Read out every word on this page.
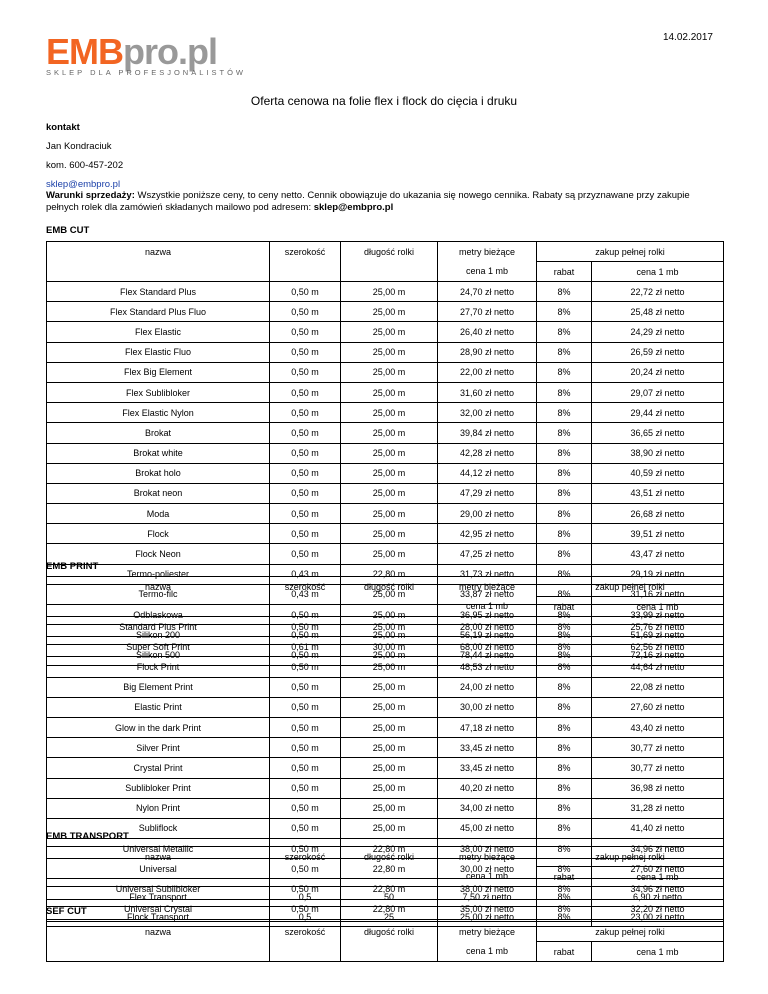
14.02.2017
EMBpro.pl
SKLEP DLA PROFESJONALISTÓW
Oferta cenowa na folie flex i flock do cięcia i druku
kontakt
Jan Kondraciuk
kom. 600-457-202
sklep@embpro.pl
Warunki sprzedaży: Wszystkie poniższe ceny, to ceny netto. Cennik obowiązuje do ukazania się nowego cennika. Rabaty są przyznawane przy zakupie pełnych rolek dla zamówień składanych mailowo pod adresem: sklep@embpro.pl
EMB CUT
nazwa	szerokość	długość rolki	metry bieżące	zakup pełnej rolki	
			cena 1 mb	rabat	cena 1 mb
Flex Standard Plus	0,50 m	25,00 m	24,70 zł netto	8%	22,72 zł netto
Flex Standard Plus Fluo	0,50 m	25,00 m	27,70 zł netto	8%	25,48 zł netto
Flex Elastic	0,50 m	25,00 m	26,40 zł netto	8%	24,29 zł netto
Flex Elastic Fluo	0,50 m	25,00 m	28,90 zł netto	8%	26,59 zł netto
Flex Big Element	0,50 m	25,00 m	22,00 zł netto	8%	20,24 zł netto
Flex Sublibloker	0,50 m	25,00 m	31,60 zł netto	8%	29,07 zł netto
Flex Elastic Nylon	0,50 m	25,00 m	32,00 zł netto	8%	29,44 zł netto
Brokat	0,50 m	25,00 m	39,84 zł netto	8%	36,65 zł netto
Brokat white	0,50 m	25,00 m	42,28 zł netto	8%	38,90 zł netto
Brokat holo	0,50 m	25,00 m	44,12 zł netto	8%	40,59 zł netto
Brokat neon	0,50 m	25,00 m	47,29 zł netto	8%	43,51 zł netto
Moda	0,50 m	25,00 m	29,00 zł netto	8%	26,68 zł netto
Flock	0,50 m	25,00 m	42,95 zł netto	8%	39,51 zł netto
Flock Neon	0,50 m	25,00 m	47,25 zł netto	8%	43,47 zł netto
Termo-poliester	0,43 m	22,80 m	31,73 zł netto	8%	29,19 zł netto
Termo-filc	0,43 m	25,00 m	33,87 zł netto	8%	31,16 zł netto
Odblaskowa	0,50 m	25,00 m	36,95 zł netto	8%	33,99 zł netto
Silikon 200	0,50 m	25,00 m	56,19 zł netto	8%	51,69 zł netto
Silikon 500	0,50 m	25,00 m	78,44 zł netto	8%	72,16 zł netto
EMB PRINT
nazwa	szerokość	długość rolki	metry bieżące	zakup pełnej rolki	
			cena 1 mb	rabat	cena 1 mb
Standard Plus Print	0,50 m	25,00 m	28,00 zł netto	8%	25,76 zł netto
Super Soft Print	0,61 m	30,00 m	68,00 zł netto	8%	62,56 zł netto
Flock Print	0,50 m	25,00 m	48,53 zł netto	8%	44,64 zł netto
Big Element Print	0,50 m	25,00 m	24,00 zł netto	8%	22,08 zł netto
Elastic Print	0,50 m	25,00 m	30,00 zł netto	8%	27,60 zł netto
Glow in the dark Print	0,50 m	25,00 m	47,18 zł netto	8%	43,40 zł netto
Silver Print	0,50 m	25,00 m	33,45 zł netto	8%	30,77 zł netto
Crystal Print	0,50 m	25,00 m	33,45 zł netto	8%	30,77 zł netto
Sublibloker Print	0,50 m	25,00 m	40,20 zł netto	8%	36,98 zł netto
Nylon Print	0,50 m	25,00 m	34,00 zł netto	8%	31,28 zł netto
Subliflock	0,50 m	25,00 m	45,00 zł netto	8%	41,40 zł netto
Universal Metallic	0,50 m	22,80 m	38,00 zł netto	8%	34,96 zł netto
Universal	0,50 m	22,80 m	30,00 zł netto	8%	27,60 zł netto
Universal Sublibloker	0,50 m	22,80 m	38,00 zł netto	8%	34,96 zł netto
Universal Crystal	0,50 m	22,80 m	35,00 zł netto	8%	32,20 zł netto
EMB TRANSPORT
nazwa	szerokość	długość rolki	metry bieżące	zakup pełnej rolki	
			cena 1 mb	rabat	cena 1 mb
Flex Transport	0,5	50	7,50 zł netto	8%	6,90 zł netto
Flock Transport	0,5	25	25,00 zł netto	8%	23,00 zł netto
SEF CUT
nazwa	szerokość	długość rolki	metry bieżące	zakup pełnej rolki	
			cena 1 mb	rabat	cena 1 mb
